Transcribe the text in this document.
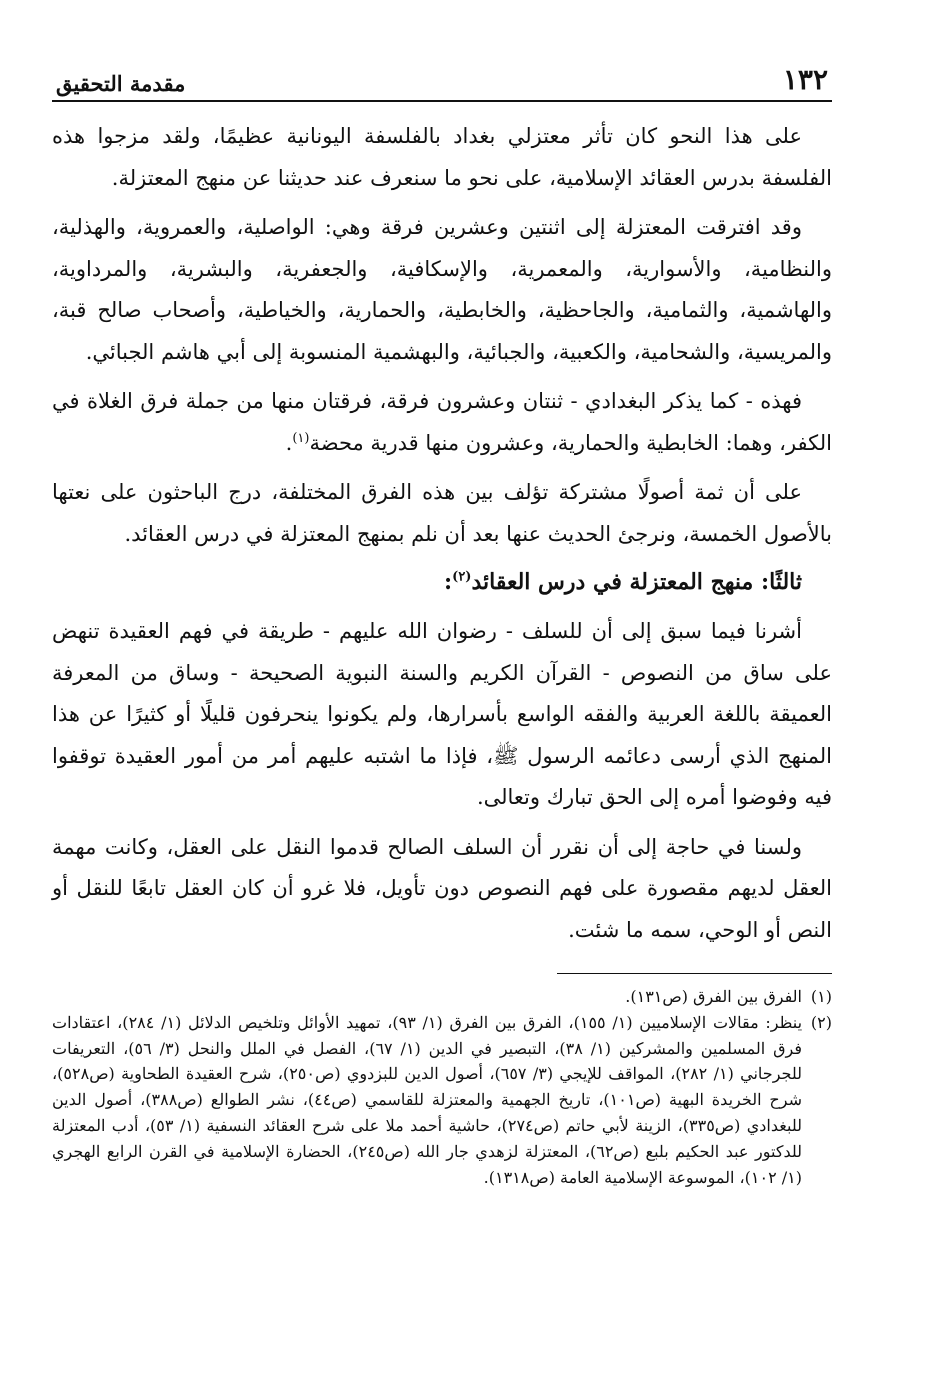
١٣٢
مقدمة التحقيق

على هذا النحو كان تأثر معتزلي بغداد بالفلسفة اليونانية عظيمًا، ولقد مزجوا هذه الفلسفة بدرس العقائد الإسلامية، على نحو ما سنعرف عند حديثنا عن منهج المعتزلة.

وقد افترقت المعتزلة إلى اثنتين وعشرين فرقة وهي: الواصلية، والعمروية، والهذلية، والنظامية، والأسوارية، والمعمرية، والإسكافية، والجعفرية، والبشرية، والمرداوية، والهاشمية، والثمامية، والجاحظية، والخابطية، والحمارية، والخياطية، وأصحاب صالح قبة، والمريسية، والشحامية، والكعبية، والجبائية، والبهشمية المنسوبة إلى أبي هاشم الجبائي.

فهذه - كما يذكر البغدادي - ثنتان وعشرون فرقة، فرقتان منها من جملة فرق الغلاة في الكفر، وهما: الخابطية والحمارية، وعشرون منها قدرية محضة$^{(١)}$.

على أن ثمة أصولًا مشتركة تؤلف بين هذه الفرق المختلفة، درج الباحثون على نعتها بالأصول الخمسة، ونرجئ الحديث عنها بعد أن نلم بمنهج المعتزلة في درس العقائد.

ثالثًا: منهج المعتزلة في درس العقائد$^{(٢)}$:

أشرنا فيما سبق إلى أن للسلف - رضوان الله عليهم - طريقة في فهم العقيدة تنهض على ساق من النصوص - القرآن الكريم والسنة النبوية الصحيحة - وساق من المعرفة العميقة باللغة العربية والفقه الواسع بأسرارها، ولم يكونوا ينحرفون قليلًا أو كثيرًا عن هذا المنهج الذي أرسى دعائمه الرسول ﷺ، فإذا ما اشتبه عليهم أمر من أمور العقيدة توقفوا فيه وفوضوا أمره إلى الحق تبارك وتعالى.

ولسنا في حاجة إلى أن نقرر أن السلف الصالح قدموا النقل على العقل، وكانت مهمة العقل لديهم مقصورة على فهم النصوص دون تأويل، فلا غرو أن كان العقل تابعًا للنقل أو النص أو الوحي، سمه ما شئت.

(١)
الفرق بين الفرق (ص١٣١).
(٢)
ينظر: مقالات الإسلاميين (١/ ١٥٥)، الفرق بين الفرق (١/ ٩٣)، تمهيد الأوائل وتلخيص الدلائل (١/ ٢٨٤)، اعتقادات فرق المسلمين والمشركين (١/ ٣٨)، التبصير في الدين (١/ ٦٧)، الفصل في الملل والنحل (٣/ ٥٦)، التعريفات للجرجاني (١/ ٢٨٢)، المواقف للإيجي (٣/ ٦٥٧)، أصول الدين للبزدوي (ص٢٥٠)، شرح العقيدة الطحاوية (ص٥٢٨)، شرح الخريدة البهية (ص١٠١)، تاريخ الجهمية والمعتزلة للقاسمي (ص٤٤)، نشر الطوالع (ص٣٨٨)، أصول الدين للبغدادي (ص٣٣٥)، الزينة لأبي حاتم (ص٢٧٤)، حاشية أحمد ملا على شرح العقائد النسفية (١/ ٥٣)، أدب المعتزلة للدكتور عبد الحكيم بلبع (ص٦٢)، المعتزلة لزهدي جار الله (ص٢٤٥)، الحضارة الإسلامية في القرن الرابع الهجري (١/ ١٠٢)، الموسوعة الإسلامية العامة (ص١٣١٨).
